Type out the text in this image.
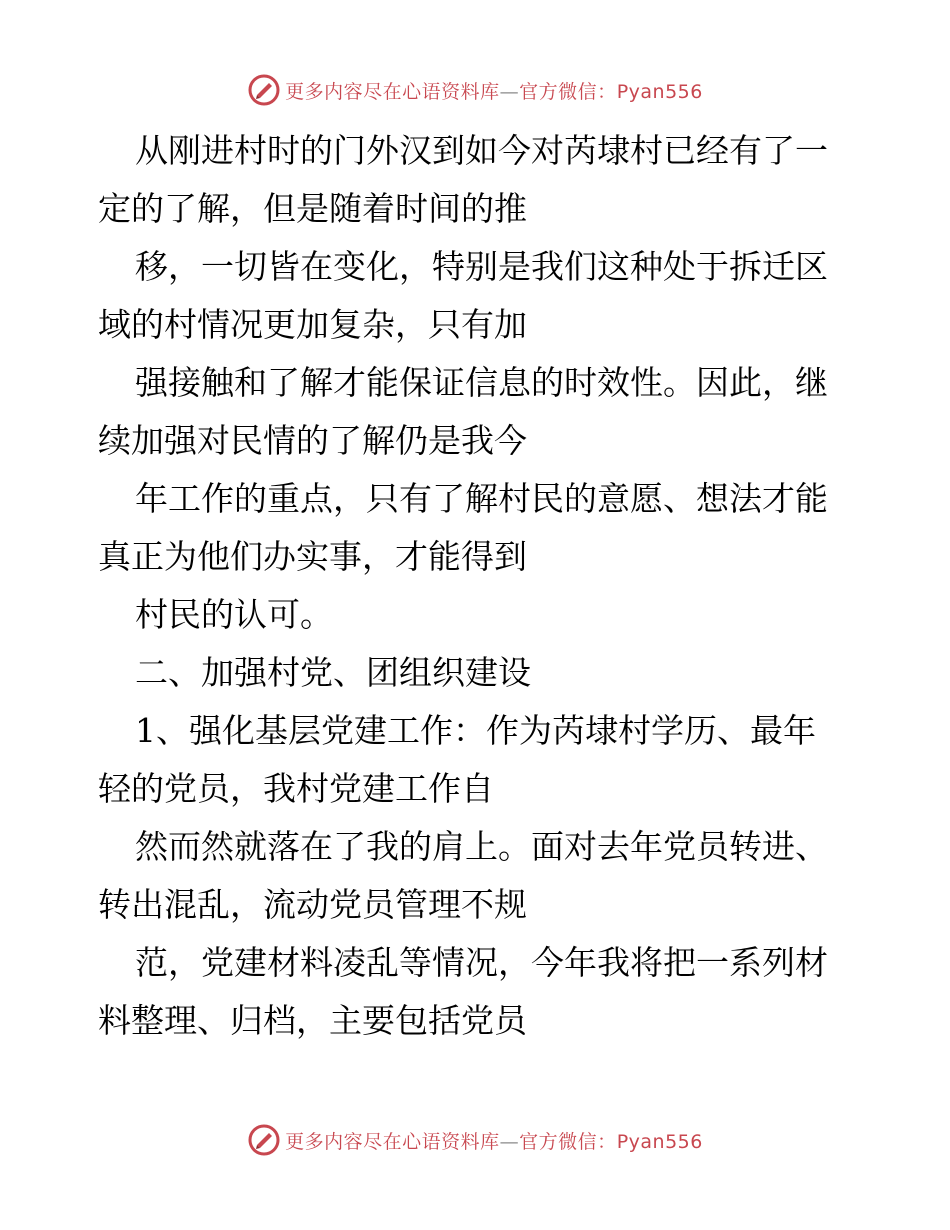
更多内容尽在心语资料库—官方微信：Pyan556
从刚进村时的门外汉到如今对芮埭村已经有了一
定的了解，但是随着时间的推
移，一切皆在变化，特别是我们这种处于拆迁区
域的村情况更加复杂，只有加
强接触和了解才能保证信息的时效性。因此，继
续加强对民情的了解仍是我今
年工作的重点，只有了解村民的意愿、想法才能
真正为他们办实事，才能得到
村民的认可。
二、加强村党、团组织建设
1、强化基层党建工作：作为芮埭村学历、最年
轻的党员，我村党建工作自
然而然就落在了我的肩上。面对去年党员转进、
转出混乱，流动党员管理不规
范，党建材料凌乱等情况，今年我将把一系列材
料整理、归档，主要包括党员
更多内容尽在心语资料库—官方微信：Pyan556
